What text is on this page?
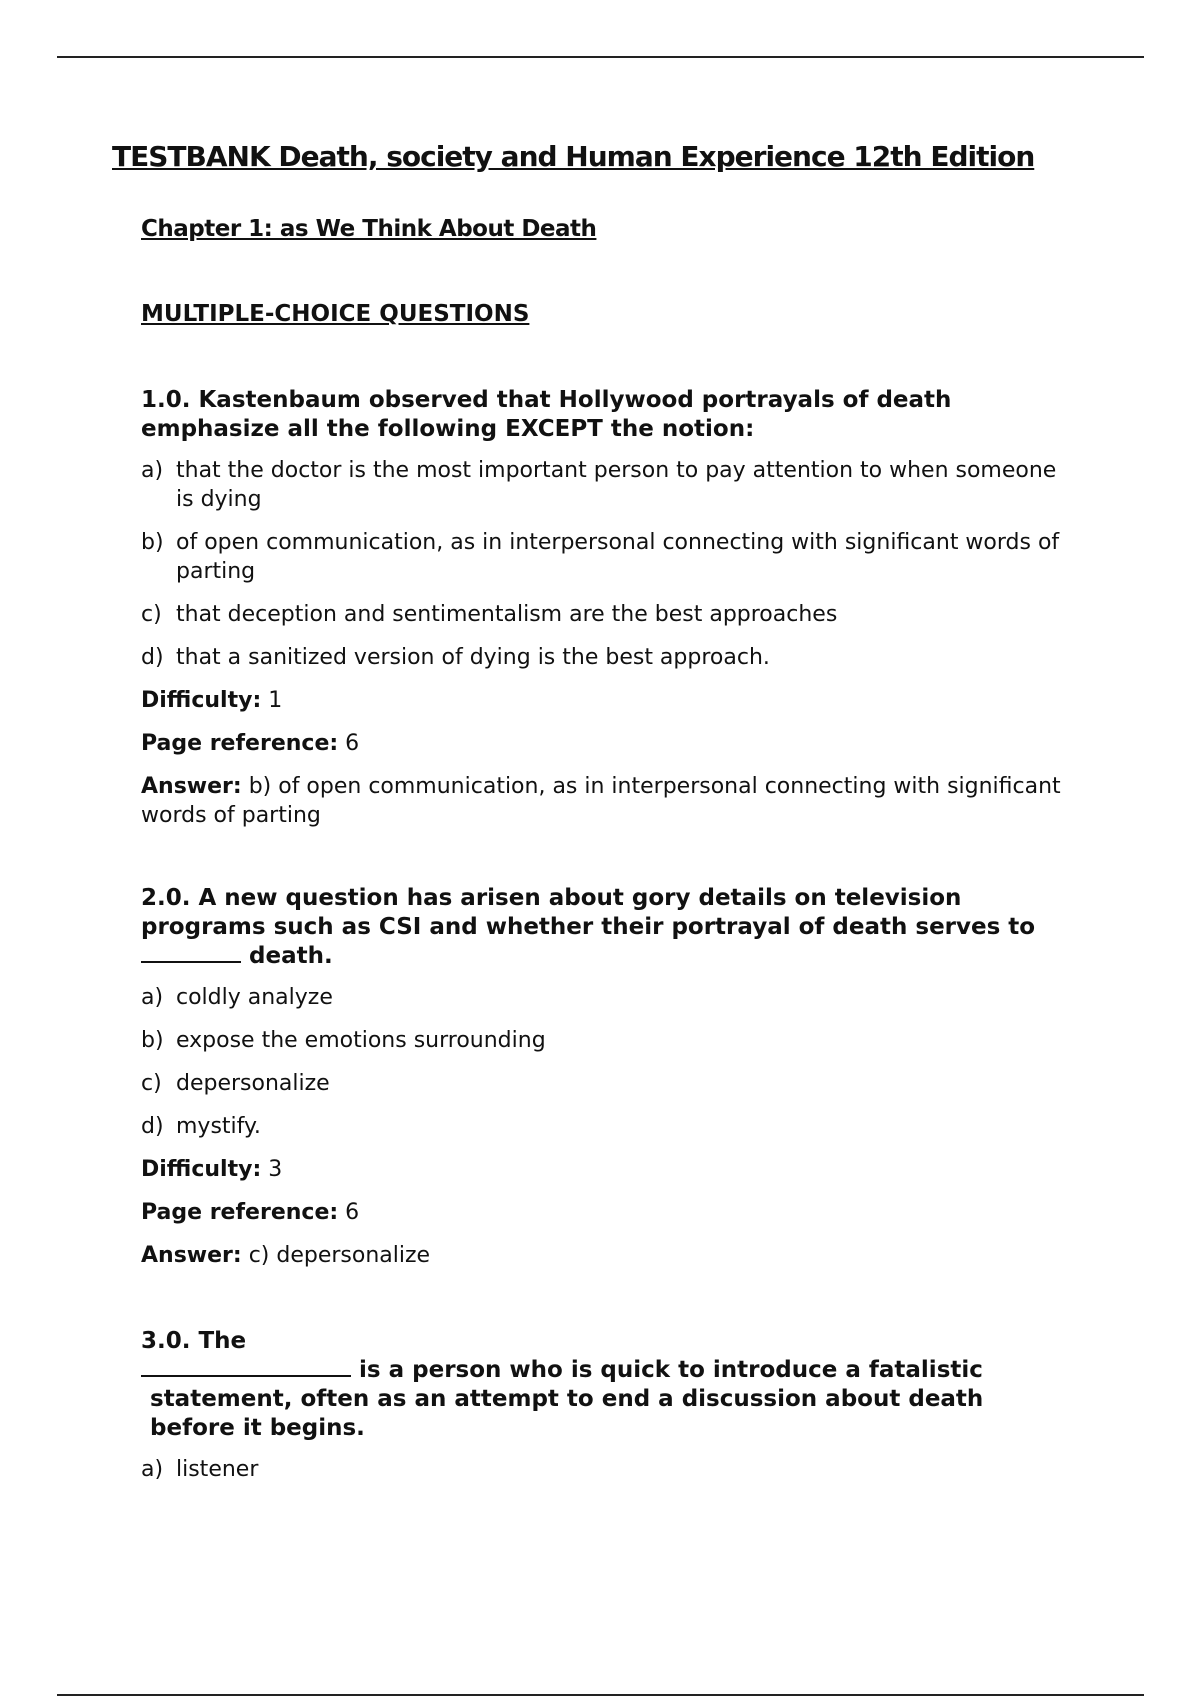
TESTBANK Death, society and Human Experience 12th Edition
Chapter 1: as We Think About Death
MULTIPLE-CHOICE QUESTIONS
1.0. Kastenbaum observed that Hollywood portrayals of death emphasize all the following EXCEPT the notion:
a) that the doctor is the most important person to pay attention to when someone is dying
b) of open communication, as in interpersonal connecting with significant words of parting
c) that deception and sentimentalism are the best approaches
d) that a sanitized version of dying is the best approach.
Difficulty: 1
Page reference: 6
Answer: b) of open communication, as in interpersonal connecting with significant words of parting
2.0. A new question has arisen about gory details on television programs such as CSI and whether their portrayal of death serves to
death.
a) coldly analyze
b) expose the emotions surrounding
c) depersonalize
d) mystify.
Difficulty: 3
Page reference: 6
Answer: c) depersonalize
3.0. The
is a person who is quick to introduce a fatalistic
statement, often as an attempt to end a discussion about death before it begins.
a) listener
